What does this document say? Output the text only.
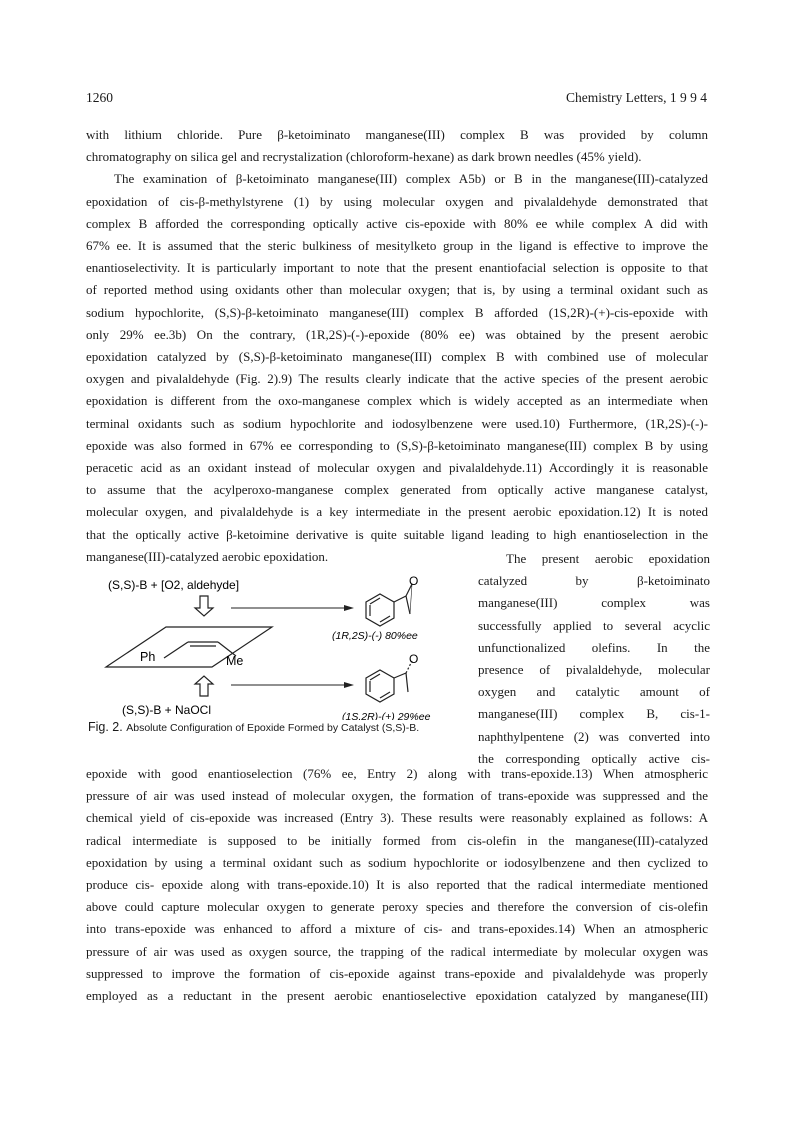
1260	Chemistry Letters, 1 9 9 4
with lithium chloride. Pure β-ketoiminato manganese(III) complex B was provided by column
chromatography on silica gel and recrystalization (chloroform-hexane) as dark brown needles (45% yield).
The examination of β-ketoiminato manganese(III) complex A5b) or B in the manganese(III)-catalyzed
epoxidation of cis-β-methylstyrene (1) by using molecular oxygen and pivalaldehyde demonstrated that
complex B afforded the corresponding optically active cis-epoxide with 80% ee while complex A did with
67% ee. It is assumed that the steric bulkiness of mesitylketo group in the ligand is effective to improve the
enantioselectivity. It is particularly important to note that the present enantiofacial selection is opposite to that
of reported method using oxidants other than molecular oxygen; that is, by using a terminal oxidant such as
sodium hypochlorite, (S,S)-β-ketoiminato manganese(III) complex B afforded (1S,2R)-(+)-cis-epoxide with
only 29% ee.3b) On the contrary, (1R,2S)-(-)-epoxide (80% ee) was obtained by the present aerobic
epoxidation catalyzed by (S,S)-β-ketoiminato manganese(III) complex B with combined use of molecular
oxygen and pivalaldehyde (Fig. 2).9) The results clearly indicate that the active species of the present aerobic
epoxidation is different from the oxo-manganese complex which is widely accepted as an intermediate when
terminal oxidants such as sodium hypochlorite and iodosylbenzene were used.10) Furthermore, (1R,2S)-(-)-
epoxide was also formed in 67% ee corresponding to (S,S)-β-ketoiminato manganese(III) complex B by using
peracetic acid as an oxidant instead of molecular oxygen and pivalaldehyde.11) Accordingly it is reasonable
to assume that the acylperoxo-manganese complex generated from optically active manganese catalyst,
molecular oxygen, and pivalaldehyde is a key intermediate in the present aerobic epoxidation.12) It is noted
that the optically active β-ketoimine derivative is quite suitable ligand leading to high enantioselection in the
manganese(III)-catalyzed aerobic epoxidation.
(S,S)-B + [O2, aldehyde]	O
(1R,2S)-(-) 80%ee
Ph	Me	O
(S,S)-B + NaOCl	(1S,2R)-(+) 29%ee
Fig. 2. Absolute Configuration of Epoxide Formed by Catalyst (S,S)-B.
The present aerobic epoxidation
catalyzed by β-ketoiminato
manganese(III) complex was
successfully applied to several acyclic
unfunctionalized olefins. In the
presence of pivalaldehyde, molecular
oxygen and catalytic amount of
manganese(III) complex B, cis-1-
naphthylpentene (2) was converted into
the corresponding optically active cis-
epoxide with good enantioselection (76% ee, Entry 2) along with trans-epoxide.13) When atmospheric
pressure of air was used instead of molecular oxygen, the formation of trans-epoxide was suppressed and the
chemical yield of cis-epoxide was increased (Entry 3). These results were reasonably explained as follows: A
radical intermediate is supposed to be initially formed from cis-olefin in the manganese(III)-catalyzed
epoxidation by using a terminal oxidant such as sodium hypochlorite or iodosylbenzene and then cyclized to
produce cis- epoxide along with trans-epoxide.10) It is also reported that the radical intermediate mentioned
above could capture molecular oxygen to generate peroxy species and therefore the conversion of cis-olefin
into trans-epoxide was enhanced to afford a mixture of cis- and trans-epoxides.14) When an atmospheric
pressure of air was used as oxygen source, the trapping of the radical intermediate by molecular oxygen was
suppressed to improve the formation of cis-epoxide against trans-epoxide and pivalaldehyde was properly
employed as a reductant in the present aerobic enantioselective epoxidation catalyzed by manganese(III)
